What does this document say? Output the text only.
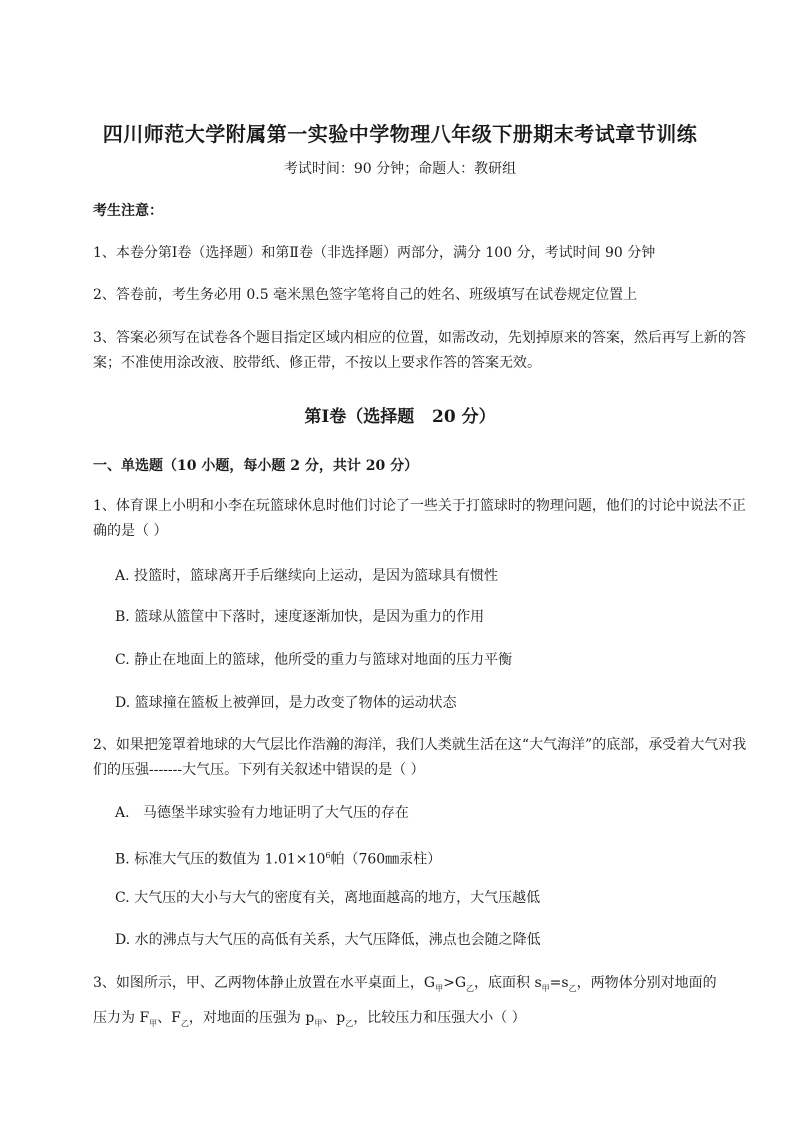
四川师范大学附属第一实验中学物理八年级下册期末考试章节训练
考试时间：90 分钟；命题人：教研组
考生注意：
1、本卷分第Ⅰ卷（选择题）和第Ⅱ卷（非选择题）两部分，满分 100 分，考试时间 90 分钟
2、答卷前，考生务必用 0.5 毫米黑色签字笔将自己的姓名、班级填写在试卷规定位置上
3、答案必须写在试卷各个题目指定区域内相应的位置，如需改动，先划掉原来的答案，然后再写上新的答案；不准使用涂改液、胶带纸、修正带，不按以上要求作答的答案无效。
第Ⅰ卷（选择题   20 分）
一、单选题（10 小题，每小题 2 分，共计 20 分）
1、体育课上小明和小李在玩篮球休息时他们讨论了一些关于打篮球时的物理问题，他们的讨论中说法不正确的是（ ）
A. 投篮时，篮球离开手后继续向上运动，是因为篮球具有惯性
B. 篮球从篮筐中下落时，速度逐渐加快，是因为重力的作用
C. 静止在地面上的篮球，他所受的重力与篮球对地面的压力平衡
D. 篮球撞在篮板上被弹回，是力改变了物体的运动状态
2、如果把笼罩着地球的大气层比作浩瀚的海洋，我们人类就生活在这“大气海洋”的底部，承受着大气对我们的压强-------大气压。下列有关叙述中错误的是（ ）
A.   马德堡半球实验有力地证明了大气压的存在
B. 标准大气压的数值为 $1.01\times 10^6$帕（760㎜汞柱）
C. 大气压的大小与大气的密度有关，离地面越高的地方，大气压越低
D. 水的沸点与大气压的高低有关系，大气压降低，沸点也会随之降低
3、如图所示，甲、乙两物体静止放置在水平桌面上，$G_甲>G_乙$，底面积 $s_甲=s_乙$，两物体分别对地面的
压力为 $F_甲$、$F_乙$，对地面的压强为 $p_甲$、$p_乙$，比较压力和压强大小（ ）
